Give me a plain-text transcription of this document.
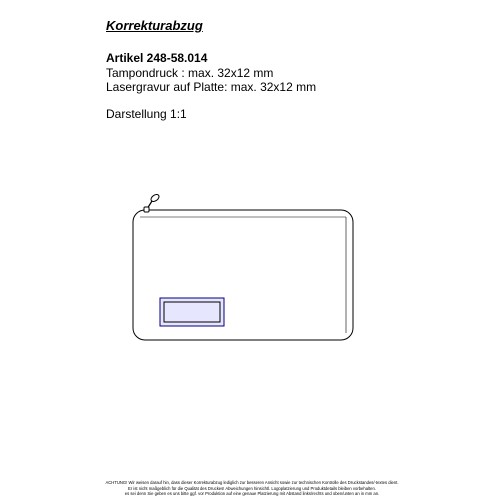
Korrekturabzug
Artikel 248-58.014
Tampondruck : max. 32x12 mm
Lasergravur auf Platte: max. 32x12 mm
Darstellung 1:1
ACHTUNG! Wir weisen darauf hin, dass dieser Korrekturabzug lediglich zur besseren Ansicht sowie zur technischen Kontrolle des Druckstandes/-textes dient.
Er ist nicht maßgeblich für die Qualität des Druckes! Abweichungen hinsichtl. Logoplatzierung und Produktdetails bleiben vorbehalten.
es sei denn Sie geben es uns bitte ggf. vor Produktion auf eine genaue Platzierung mit Abstand links/rechts und oben/unten an in mm an.
